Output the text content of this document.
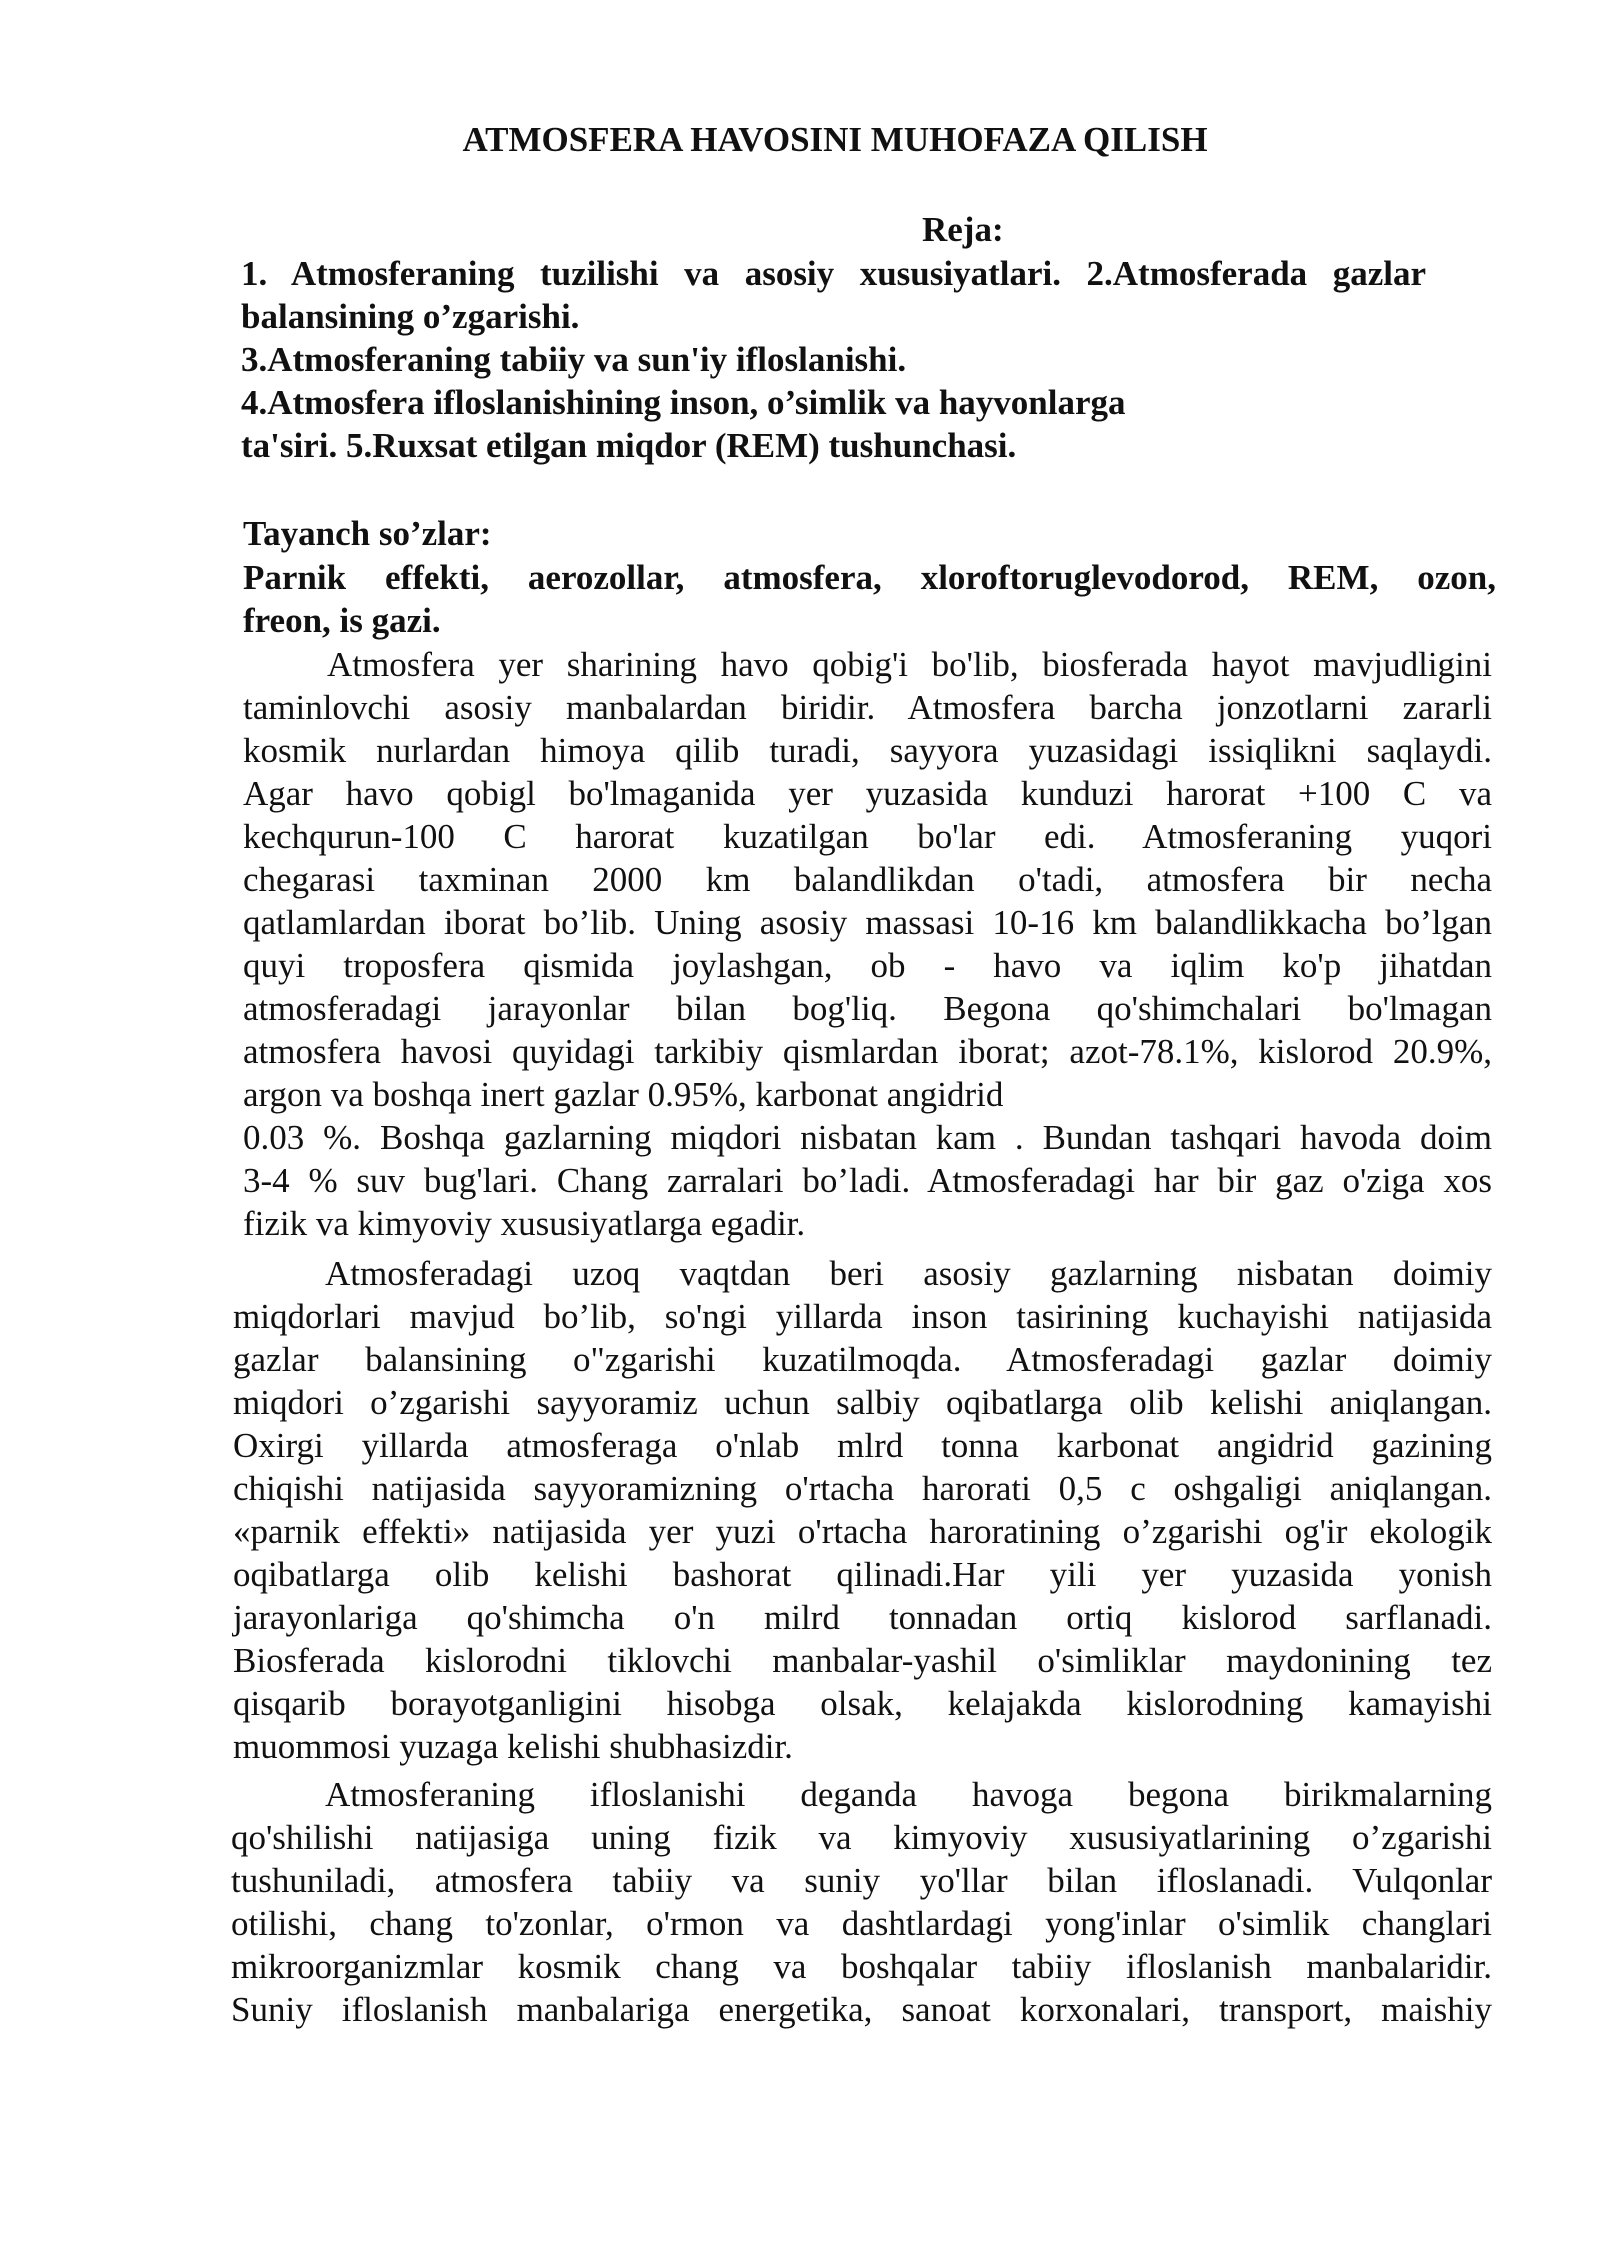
ATMOSFERA HAVOSINI MUHOFAZA QILISH
Reja:
1. Atmosferaning tuzilishi va asosiy xususiyatlari. 2.Atmosferada gazlar
balansining o’zgarishi.
3.Atmosferaning tabiiy va sun'iy ifloslanishi.
4.Atmosfera ifloslanishining inson, o’simlik va hayvonlarga
ta'siri. 5.Ruxsat etilgan miqdor (REM) tushunchasi.
Tayanch so’zlar:
Parnik effekti, aerozollar, atmosfera, xloroftoruglevodorod, REM, ozon,
freon, is gazi.
Atmosfera yer sharining havo qobig'i bo'lib, biosferada hayot mavjudligini
taminlovchi asosiy manbalardan biridir. Atmosfera barcha jonzotlarni zararli
kosmik nurlardan himoya qilib turadi, sayyora yuzasidagi issiqlikni saqlaydi.
Agar havo qobigl bo'lmaganida yer yuzasida kunduzi harorat +100 C va
kechqurun-100 C harorat kuzatilgan bo'lar edi. Atmosferaning yuqori
chegarasi taxminan 2000 km balandlikdan o'tadi, atmosfera bir necha
qatlamlardan iborat bo’lib. Uning asosiy massasi 10-16 km balandlikkacha bo’lgan
quyi troposfera qismida joylashgan, ob - havo va iqlim ko'p jihatdan
atmosferadagi jarayonlar bilan bog'liq. Begona qo'shimchalari bo'lmagan
atmosfera havosi quyidagi tarkibiy qismlardan iborat; azot-78.1%, kislorod 20.9%,
argon va boshqa inert gazlar 0.95%, karbonat angidrid
0.03 %. Boshqa gazlarning miqdori nisbatan kam . Bundan tashqari havoda doim
3-4 % suv bug'lari. Chang zarralari bo’ladi. Atmosferadagi har bir gaz o'ziga xos
fizik va kimyoviy xususiyatlarga egadir.
Atmosferadagi uzoq vaqtdan beri asosiy gazlarning nisbatan doimiy
miqdorlari mavjud bo’lib, so'ngi yillarda inson tasirining kuchayishi natijasida
gazlar balansining o"zgarishi kuzatilmoqda. Atmosferadagi gazlar doimiy
miqdori o’zgarishi sayyoramiz uchun salbiy oqibatlarga olib kelishi aniqlangan.
Oxirgi yillarda atmosferaga o'nlab mlrd tonna karbonat angidrid gazining
chiqishi natijasida sayyoramizning o'rtacha harorati 0,5 c oshgaligi aniqlangan.
«parnik effekti» natijasida yer yuzi o'rtacha haroratining o’zgarishi og'ir ekologik
oqibatlarga olib kelishi bashorat qilinadi.Har yili yer yuzasida yonish
jarayonlariga qo'shimcha o'n milrd tonnadan ortiq kislorod sarflanadi.
Biosferada kislorodni tiklovchi manbalar-yashil o'simliklar maydonining tez
qisqarib borayotganligini hisobga olsak, kelajakda kislorodning kamayishi
muommosi yuzaga kelishi shubhasizdir.
Atmosferaning ifloslanishi deganda havoga begona birikmalarning
qo'shilishi natijasiga uning fizik va kimyoviy xususiyatlarining o’zgarishi
tushuniladi, atmosfera tabiiy va suniy yo'llar bilan ifloslanadi. Vulqonlar
otilishi, chang to'zonlar, o'rmon va dashtlardagi yong'inlar o'simlik changlari
mikroorganizmlar kosmik chang va boshqalar tabiiy ifloslanish manbalaridir.
Suniy ifloslanish manbalariga energetika, sanoat korxonalari, transport, maishiy
